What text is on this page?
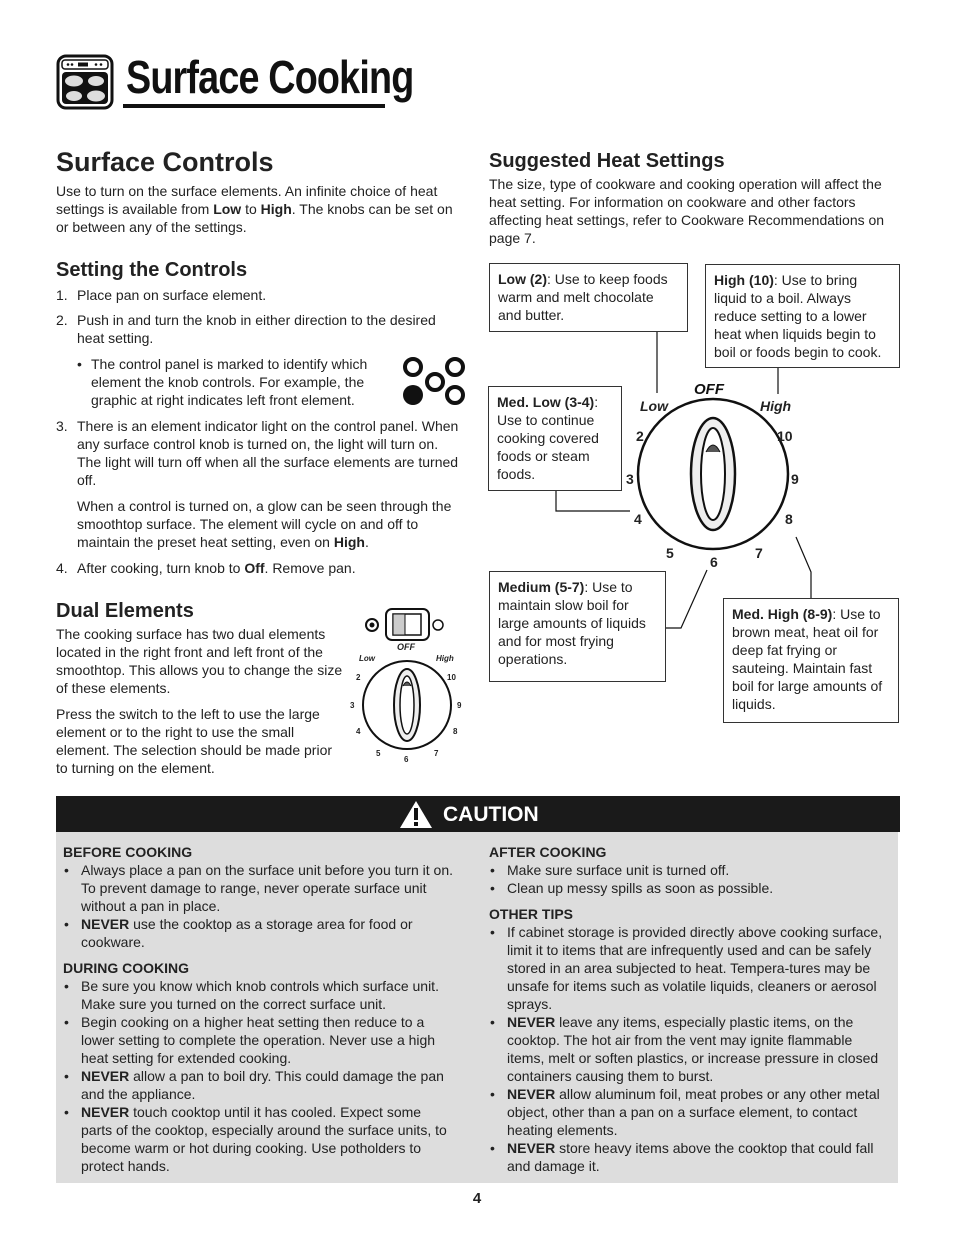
Surface Cooking
Surface Controls

Use to turn on the surface elements. An infinite choice of heat settings is available from Low to High. The knobs can be set on or between any of the settings.

Setting the Controls
1. Place pan on surface element.
2. Push in and turn the knob in either direction to the desired heat setting.
• The control panel is marked to identify which element the knob controls. For example, the graphic at right indicates left front element.
3. There is an element indicator light on the control panel. When any surface control knob is turned on, the light will turn on. The light will turn off when all the surface elements are turned off.

When a control is turned on, a glow can be seen through the smoothtop surface. The element will cycle on and off to maintain the preset heat setting, even on High.

4. After cooking, turn knob to Off. Remove pan.
Dual Elements

The cooking surface has two dual elements located in the right front and left front of the smoothtop. This allows you to change the size of these elements.

Press the switch to the left to use the large element or to the right to use the small element. The selection should be made prior to turning on the element.

OFF
Low	High
2	10
3	9
4	8
5
6
7
Suggested Heat Settings

The size, type of cookware and cooking operation will affect the heat setting. For information on cookware and other factors affecting heat settings, refer to Cookware Recommendations on page 7.

OFF
Low	High
2	10
3	9
4	8
5
6
7
Low (2): Use to keep foods warm and melt chocolate and butter.
High (10): Use to bring liquid to a boil. Always reduce setting to a lower heat when liquids begin to boil or foods begin to cook.
Med. Low (3-4): Use to continue cooking covered foods or steam foods.
Medium (5-7): Use to maintain slow boil for large amounts of liquids and for most frying operations.
Med. High (8-9): Use to brown meat, heat oil for deep fat frying or sauteing. Maintain fast boil for large amounts of liquids.
CAUTION
BEFORE COOKING
• Always place a pan on the surface unit before you turn it on. To prevent damage to range, never operate surface unit without a pan in place.
• NEVER use the cooktop as a storage area for food or cookware.
DURING COOKING
• Be sure you know which knob controls which surface unit. Make sure you turned on the correct surface unit.
• Begin cooking on a higher heat setting then reduce to a lower setting to complete the operation. Never use a high heat setting for extended cooking.
• NEVER allow a pan to boil dry. This could damage the pan and the appliance.
• NEVER touch cooktop until it has cooled. Expect some parts of the cooktop, especially around the surface units, to become warm or hot during cooking. Use potholders to protect hands.
AFTER COOKING
• Make sure surface unit is turned off.
• Clean up messy spills as soon as possible.
OTHER TIPS
• If cabinet storage is provided directly above cooking surface, limit it to items that are infrequently used and can be safely stored in an area subjected to heat. Tempera-tures may be unsafe for items such as volatile liquids, cleaners or aerosol sprays.
• NEVER leave any items, especially plastic items, on the cooktop. The hot air from the vent may ignite flammable items, melt or soften plastics, or increase pressure in closed containers causing them to burst.
• NEVER allow aluminum foil, meat probes or any other metal object, other than a pan on a surface element, to contact heating elements.
• NEVER store heavy items above the cooktop that could fall and damage it.
4
